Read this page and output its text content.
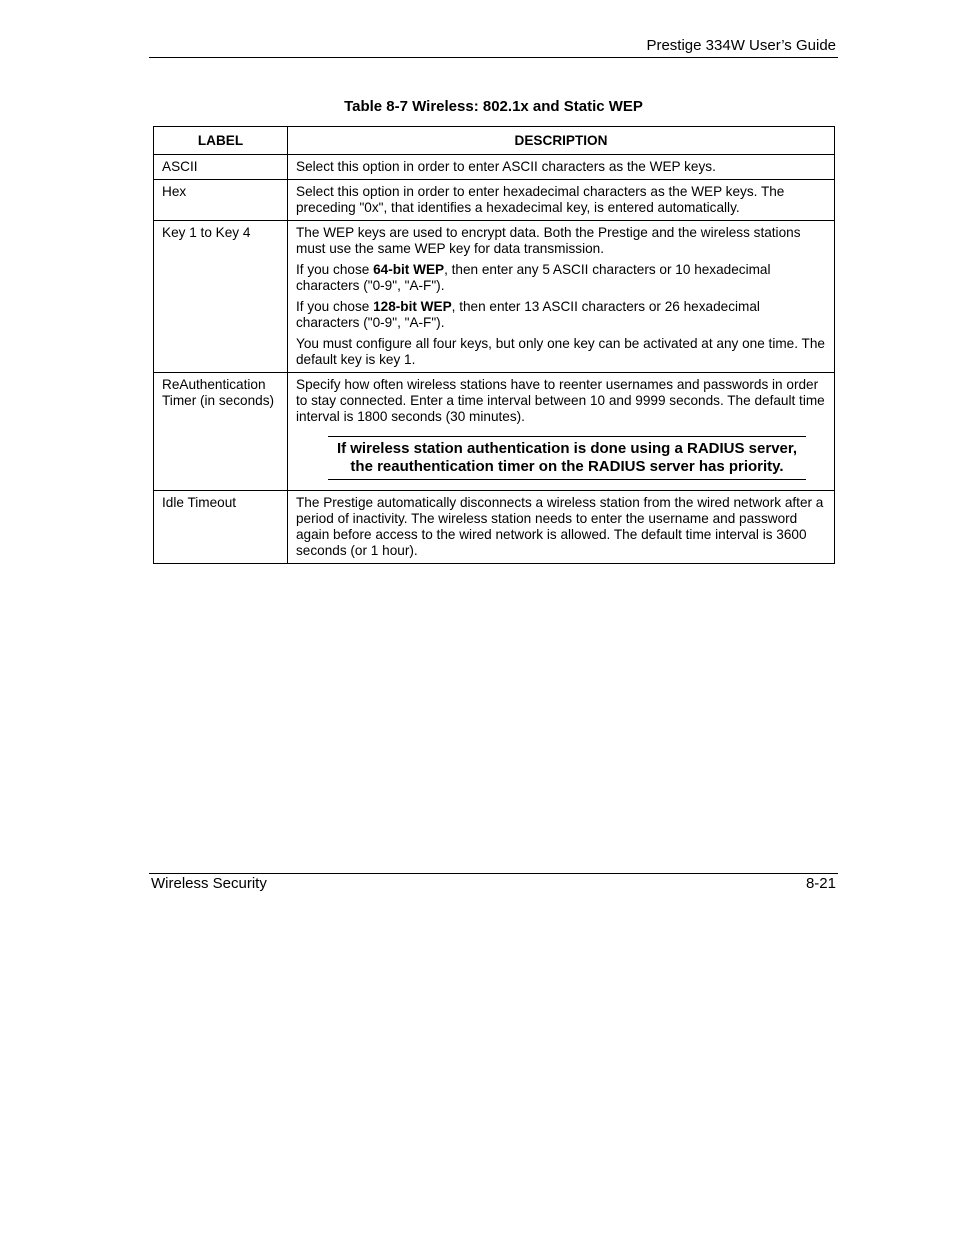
Prestige 334W User’s Guide
Table 8-7 Wireless: 802.1x and Static WEP
LABEL	DESCRIPTION
ASCII	Select this option in order to enter ASCII characters as the WEP keys.
Hex	Select this option in order to enter hexadecimal characters as the WEP keys. The preceding "0x", that identifies a hexadecimal key, is entered automatically.
Key 1 to Key 4	The WEP keys are used to encrypt data. Both the Prestige and the wireless stations must use the same WEP key for data transmission.

If you chose 64-bit WEP, then enter any 5 ASCII characters or 10 hexadecimal characters ("0-9", "A-F").

If you chose 128-bit WEP, then enter 13 ASCII characters or 26 hexadecimal characters ("0-9", "A-F").

You must configure all four keys, but only one key can be activated at any one time. The default key is key 1.

ReAuthentication Timer (in seconds)	Specify how often wireless stations have to reenter usernames and passwords in order to stay connected. Enter a time interval between 10 and 9999 seconds. The default time interval is 1800 seconds (30 minutes).

If wireless station authentication is done using a RADIUS server, the reauthentication timer on the RADIUS server has priority.

Idle Timeout	The Prestige automatically disconnects a wireless station from the wired network after a period of inactivity. The wireless station needs to enter the username and password again before access to the wired network is allowed. The default time interval is 3600 seconds (or 1 hour).
Wireless Security	8-21
